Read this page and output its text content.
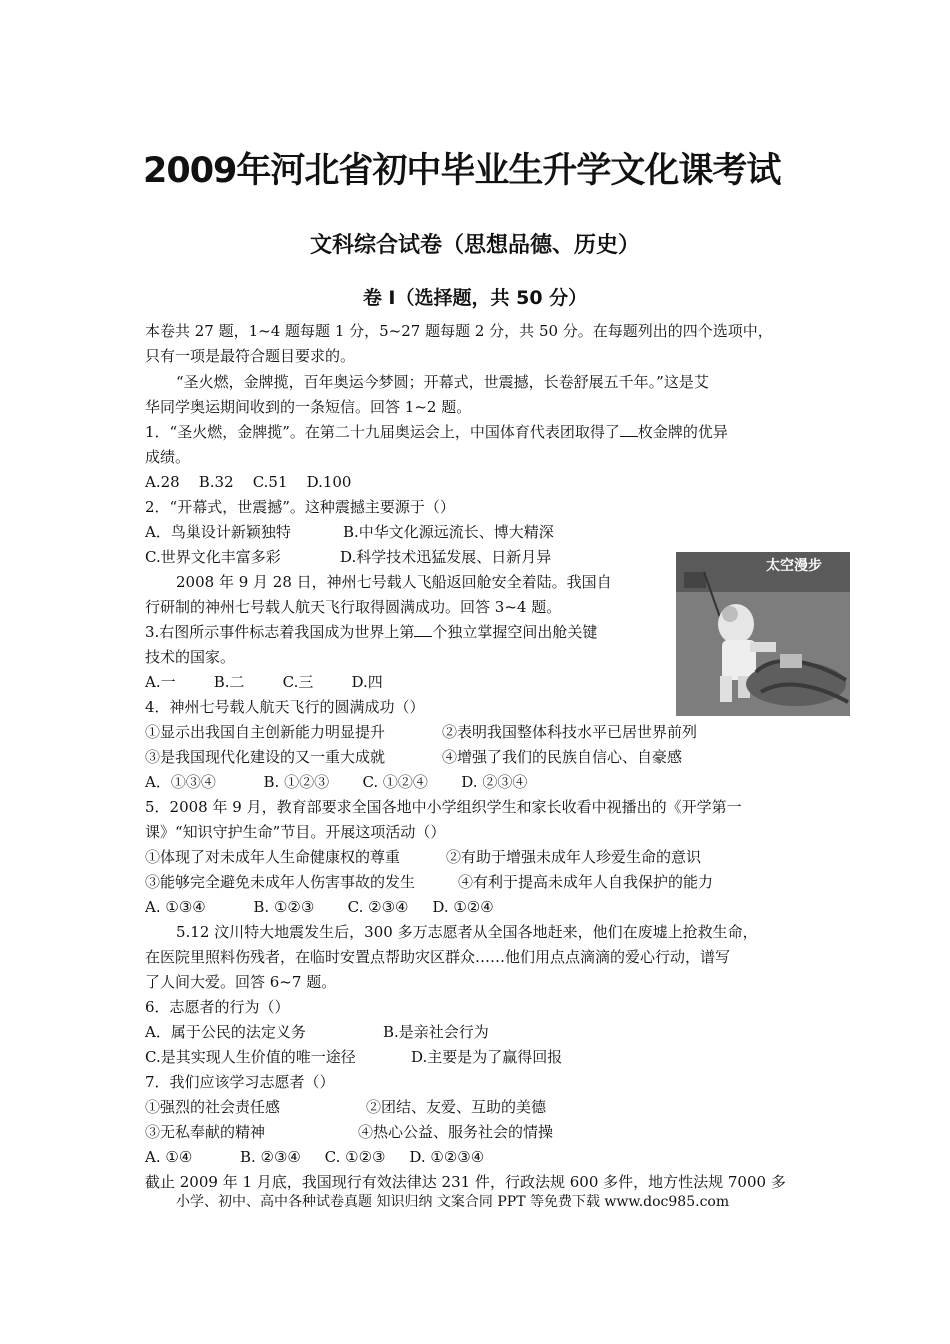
2009年河北省初中毕业生升学文化课考试
文科综合试卷（思想品德、历史）
卷 I（选择题，共 50 分）
本卷共 27 题，1~4 题每题 1 分，5~27 题每题 2 分，共 50 分。在每题列出的四个选项中，
只有一项是最符合题目要求的。
“圣火燃，金牌揽，百年奥运今梦圆；开幕式，世震撼，长卷舒展五千年。”这是艾
华同学奥运期间收到的一条短信。回答 1~2 题。
1．“圣火燃，金牌揽”。在第二十九届奥运会上，中国体育代表团取得了 枚金牌的优异
成绩。
A.28    B.32    C.51    D.100
2．“开幕式，世震撼”。这种震撼主要源于（）
A．鸟巢设计新颖独特	B.中华文化源远流长、博大精深
C.世界文化丰富多彩	D.科学技术迅猛发展、日新月异
2008 年 9 月 28 日，神州七号载人飞船返回舱安全着陆。我国自
行研制的神州七号载人航天飞行取得圆满成功。回答 3~4 题。
3.右图所示事件标志着我国成为世界上第 个独立掌握空间出舱关键
技术的国家。
A.一        B.二        C.三        D.四
4．神州七号载人航天飞行的圆满成功（）
①显示出我国自主创新能力明显提升	②表明我国整体科技水平已居世界前列
③是我国现代化建设的又一重大成就	④增强了我们的民族自信心、自豪感
A．①③④          B. ①②③       C. ①②④       D. ②③④
5．2008 年 9 月，教育部要求全国各地中小学组织学生和家长收看中视播出的《开学第一
课》“知识守护生命”节目。开展这项活动（）
①体现了对未成年人生命健康权的尊重	②有助于增强未成年人珍爱生命的意识
③能够完全避免未成年人伤害事故的发生	④有利于提高未成年人自我保护的能力
A. ①③④          B. ①②③       C. ②③④     D. ①②④
5.12 汶川特大地震发生后，300 多万志愿者从全国各地赶来，他们在废墟上抢救生命，
在医院里照料伤残者，在临时安置点帮助灾区群众……他们用点点滴滴的爱心行动，谱写
了人间大爱。回答 6~7 题。
6．志愿者的行为（）
A．属于公民的法定义务	B.是亲社会行为
C.是其实现人生价值的唯一途径	D.主要是为了赢得回报
7．我们应该学习志愿者（）
①强烈的社会责任感	②团结、友爱、互助的美德
③无私奉献的精神	④热心公益、服务社会的情操
A. ①④          B. ②③④     C. ①②③     D. ①②③④
截止 2009 年 1 月底，我国现行有效法律达 231 件，行政法规 600 多件，地方性法规 7000 多
小学、初中、高中各种试卷真题 知识归纳 文案合同 PPT 等免费下载 www.doc985.com
太空漫步
